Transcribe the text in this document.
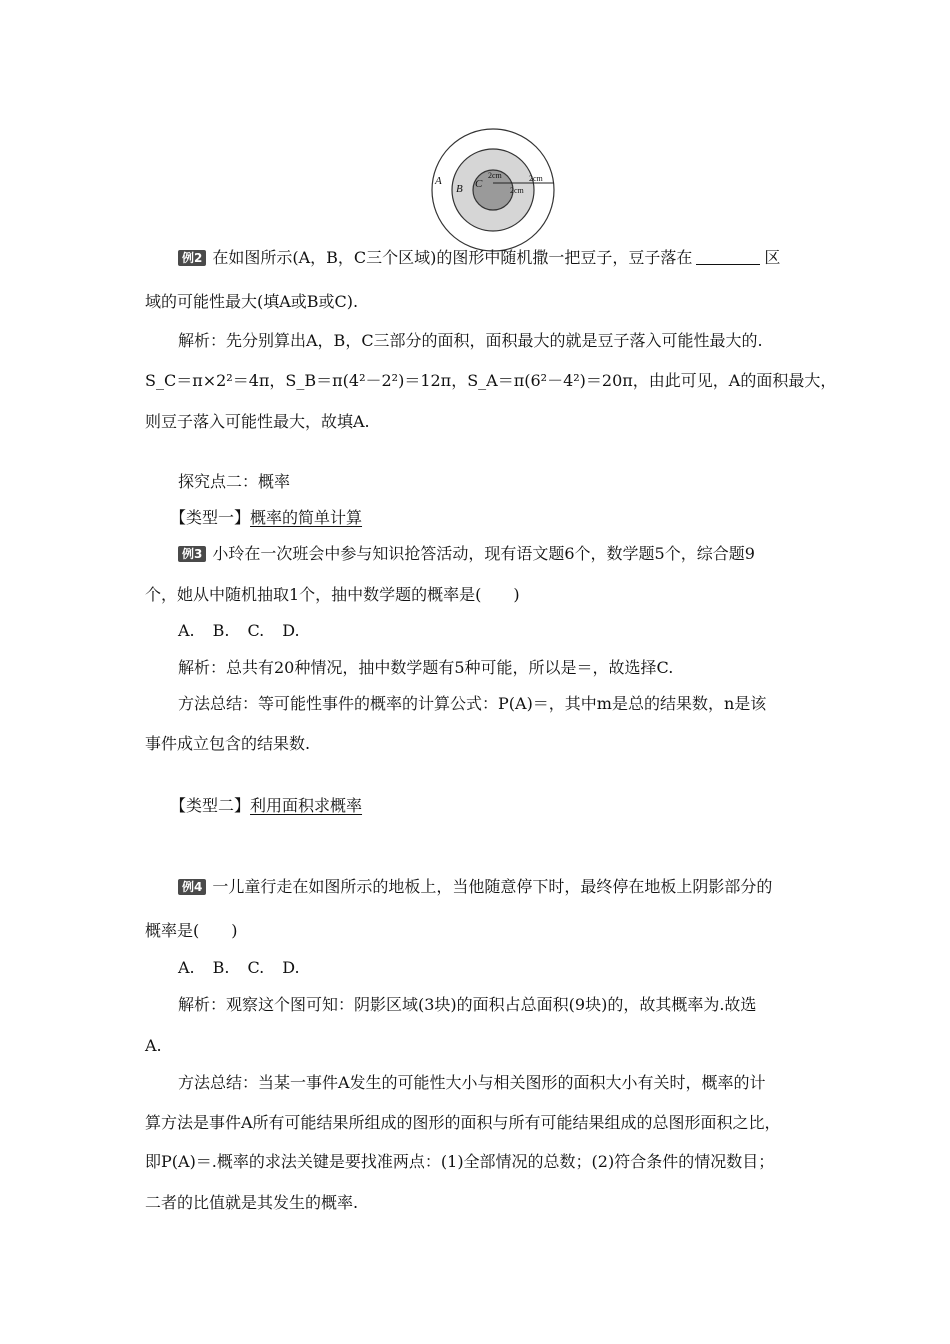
A
B C
2cm	2cm
2cm
例2 在如图所示(A，B，C三个区域)的图形中随机撒一把豆子，豆子落在	区
域的可能性最大(填A或B或C).
解析：先分别算出A，B，C三部分的面积，面积最大的就是豆子落入可能性最大的.
S_C＝π×2²＝4π，S_B＝π(4²－2²)＝12π，S_A＝π(6²－4²)＝20π，由此可见，A的面积最大，
则豆子落入可能性最大，故填A.
探究点二：概率
【类型一】概率的简单计算
例3 小玲在一次班会中参与知识抢答活动，现有语文题6个，数学题5个，综合题9
个，她从中随机抽取1个，抽中数学题的概率是(　　)
A. B. C. D.
解析：总共有20种情况，抽中数学题有5种可能，所以是＝，故选择C.
方法总结：等可能性事件的概率的计算公式：P(A)＝，其中m是总的结果数，n是该
事件成立包含的结果数.
【类型二】利用面积求概率
例4 一儿童行走在如图所示的地板上，当他随意停下时，最终停在地板上阴影部分的
概率是(　　)
A. B. C. D.
解析：观察这个图可知：阴影区域(3块)的面积占总面积(9块)的，故其概率为.故选
A.
方法总结：当某一事件A发生的可能性大小与相关图形的面积大小有关时，概率的计
算方法是事件A所有可能结果所组成的图形的面积与所有可能结果组成的总图形面积之比，
即P(A)＝.概率的求法关键是要找准两点：(1)全部情况的总数；(2)符合条件的情况数目；
二者的比值就是其发生的概率.
